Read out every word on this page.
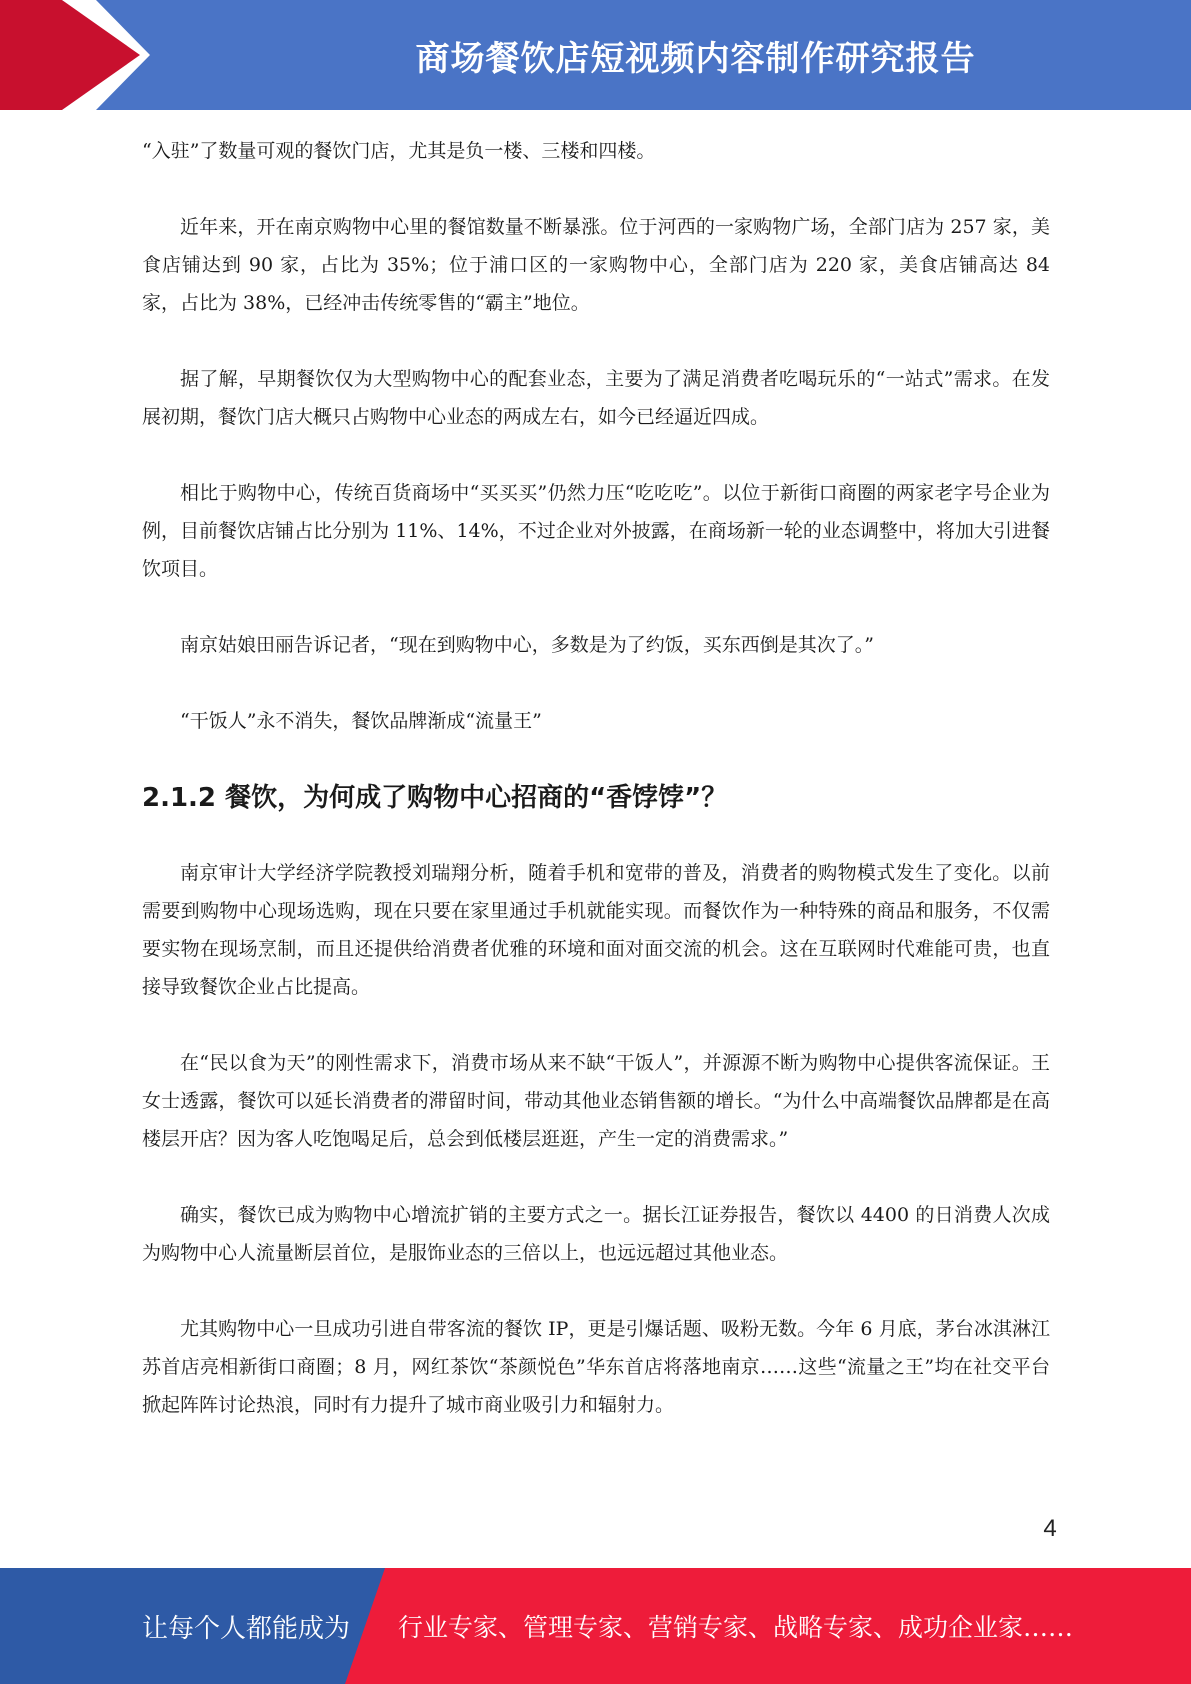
商场餐饮店短视频内容制作研究报告

“入驻”了数量可观的餐饮门店，尤其是负一楼、三楼和四楼。

近年来，开在南京购物中心里的餐馆数量不断暴涨。位于河西的一家购物广场，全部门店为 257 家，美食店铺达到 90 家，占比为 35%；位于浦口区的一家购物中心，全部门店为 220 家，美食店铺高达 84 家，占比为 38%，已经冲击传统零售的“霸主”地位。

据了解，早期餐饮仅为大型购物中心的配套业态，主要为了满足消费者吃喝玩乐的“一站式”需求。在发展初期，餐饮门店大概只占购物中心业态的两成左右，如今已经逼近四成。

相比于购物中心，传统百货商场中“买买买”仍然力压“吃吃吃”。以位于新街口商圈的两家老字号企业为例，目前餐饮店铺占比分别为 11%、14%，不过企业对外披露，在商场新一轮的业态调整中，将加大引进餐饮项目。

南京姑娘田丽告诉记者，“现在到购物中心，多数是为了约饭，买东西倒是其次了。”

“干饭人”永不消失，餐饮品牌渐成“流量王”

2.1.2 餐饮，为何成了购物中心招商的“香饽饽”？

南京审计大学经济学院教授刘瑞翔分析，随着手机和宽带的普及，消费者的购物模式发生了变化。以前需要到购物中心现场选购，现在只要在家里通过手机就能实现。而餐饮作为一种特殊的商品和服务，不仅需要实物在现场烹制，而且还提供给消费者优雅的环境和面对面交流的机会。这在互联网时代难能可贵，也直接导致餐饮企业占比提高。

在“民以食为天”的刚性需求下，消费市场从来不缺“干饭人”，并源源不断为购物中心提供客流保证。王女士透露，餐饮可以延长消费者的滞留时间，带动其他业态销售额的增长。“为什么中高端餐饮品牌都是在高楼层开店？因为客人吃饱喝足后，总会到低楼层逛逛，产生一定的消费需求。”

确实，餐饮已成为购物中心增流扩销的主要方式之一。据长江证券报告，餐饮以 4400 的日消费人次成为购物中心人流量断层首位，是服饰业态的三倍以上，也远远超过其他业态。

尤其购物中心一旦成功引进自带客流的餐饮 IP，更是引爆话题、吸粉无数。今年 6 月底，茅台冰淇淋江苏首店亮相新街口商圈；8 月，网红茶饮“茶颜悦色”华东首店将落地南京……这些“流量之王”均在社交平台掀起阵阵讨论热浪，同时有力提升了城市商业吸引力和辐射力。

4
让每个人都能成为 行业专家、管理专家、营销专家、战略专家、成功企业家……
